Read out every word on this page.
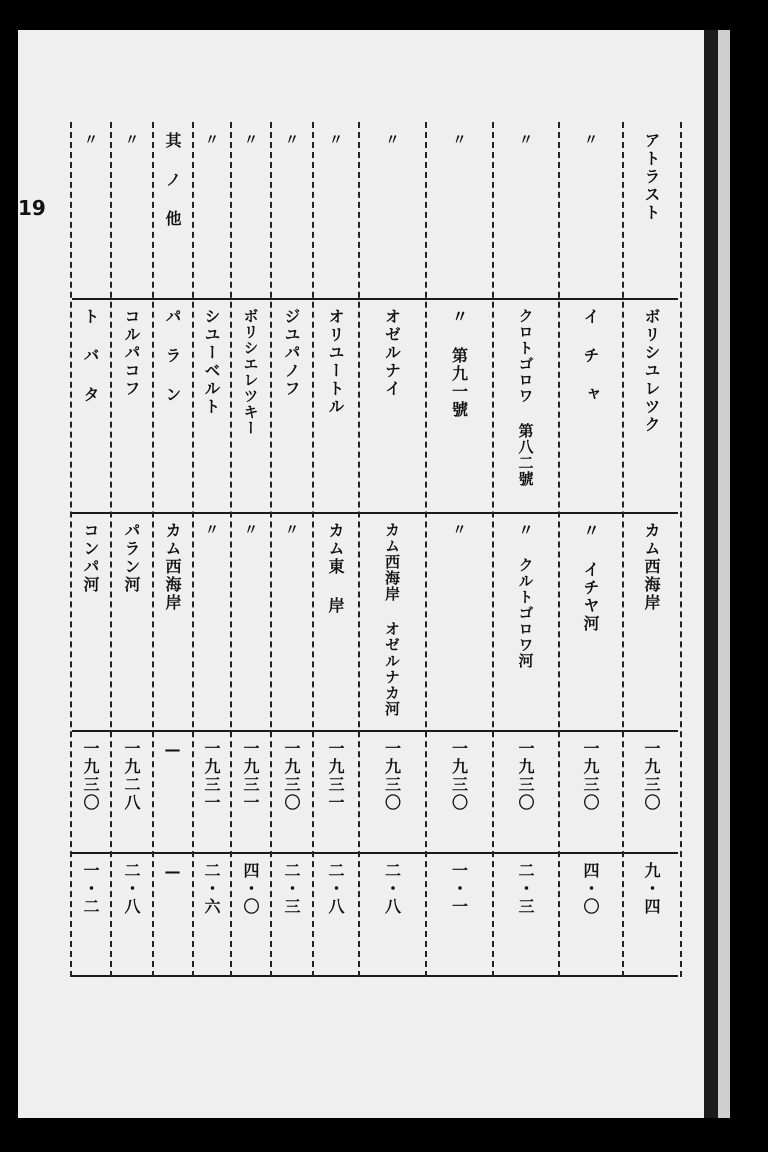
19	アトラスト
ボリシユレツク
カム西海岸
一九三〇
九・四
〃
イ チ ャ
〃 イチヤ河
一九三〇
四・〇
〃
クロトゴロワ 第八二號
〃 クルトゴロワ河
一九三〇
二・三
〃
〃 第九一號
〃
一九三〇
一・一
〃
オゼルナイ
カム西海岸 オゼルナカ河
一九三〇
二・八
〃
オリユートル
カム東 岸
一九三一
二・八
〃
ジユパノフ
〃
一九三〇
二・三
〃
ボリシエレツキー
〃
一九三一
四・〇
〃
シユーベルト
〃
一九三一
二・六
其 ノ 他
パ ラ ン
カム西海岸
—
—
〃
コルパコフ
パラン河
一九二八
二・八
〃
ト バ タ
コンパ河
一九三〇
一・二
